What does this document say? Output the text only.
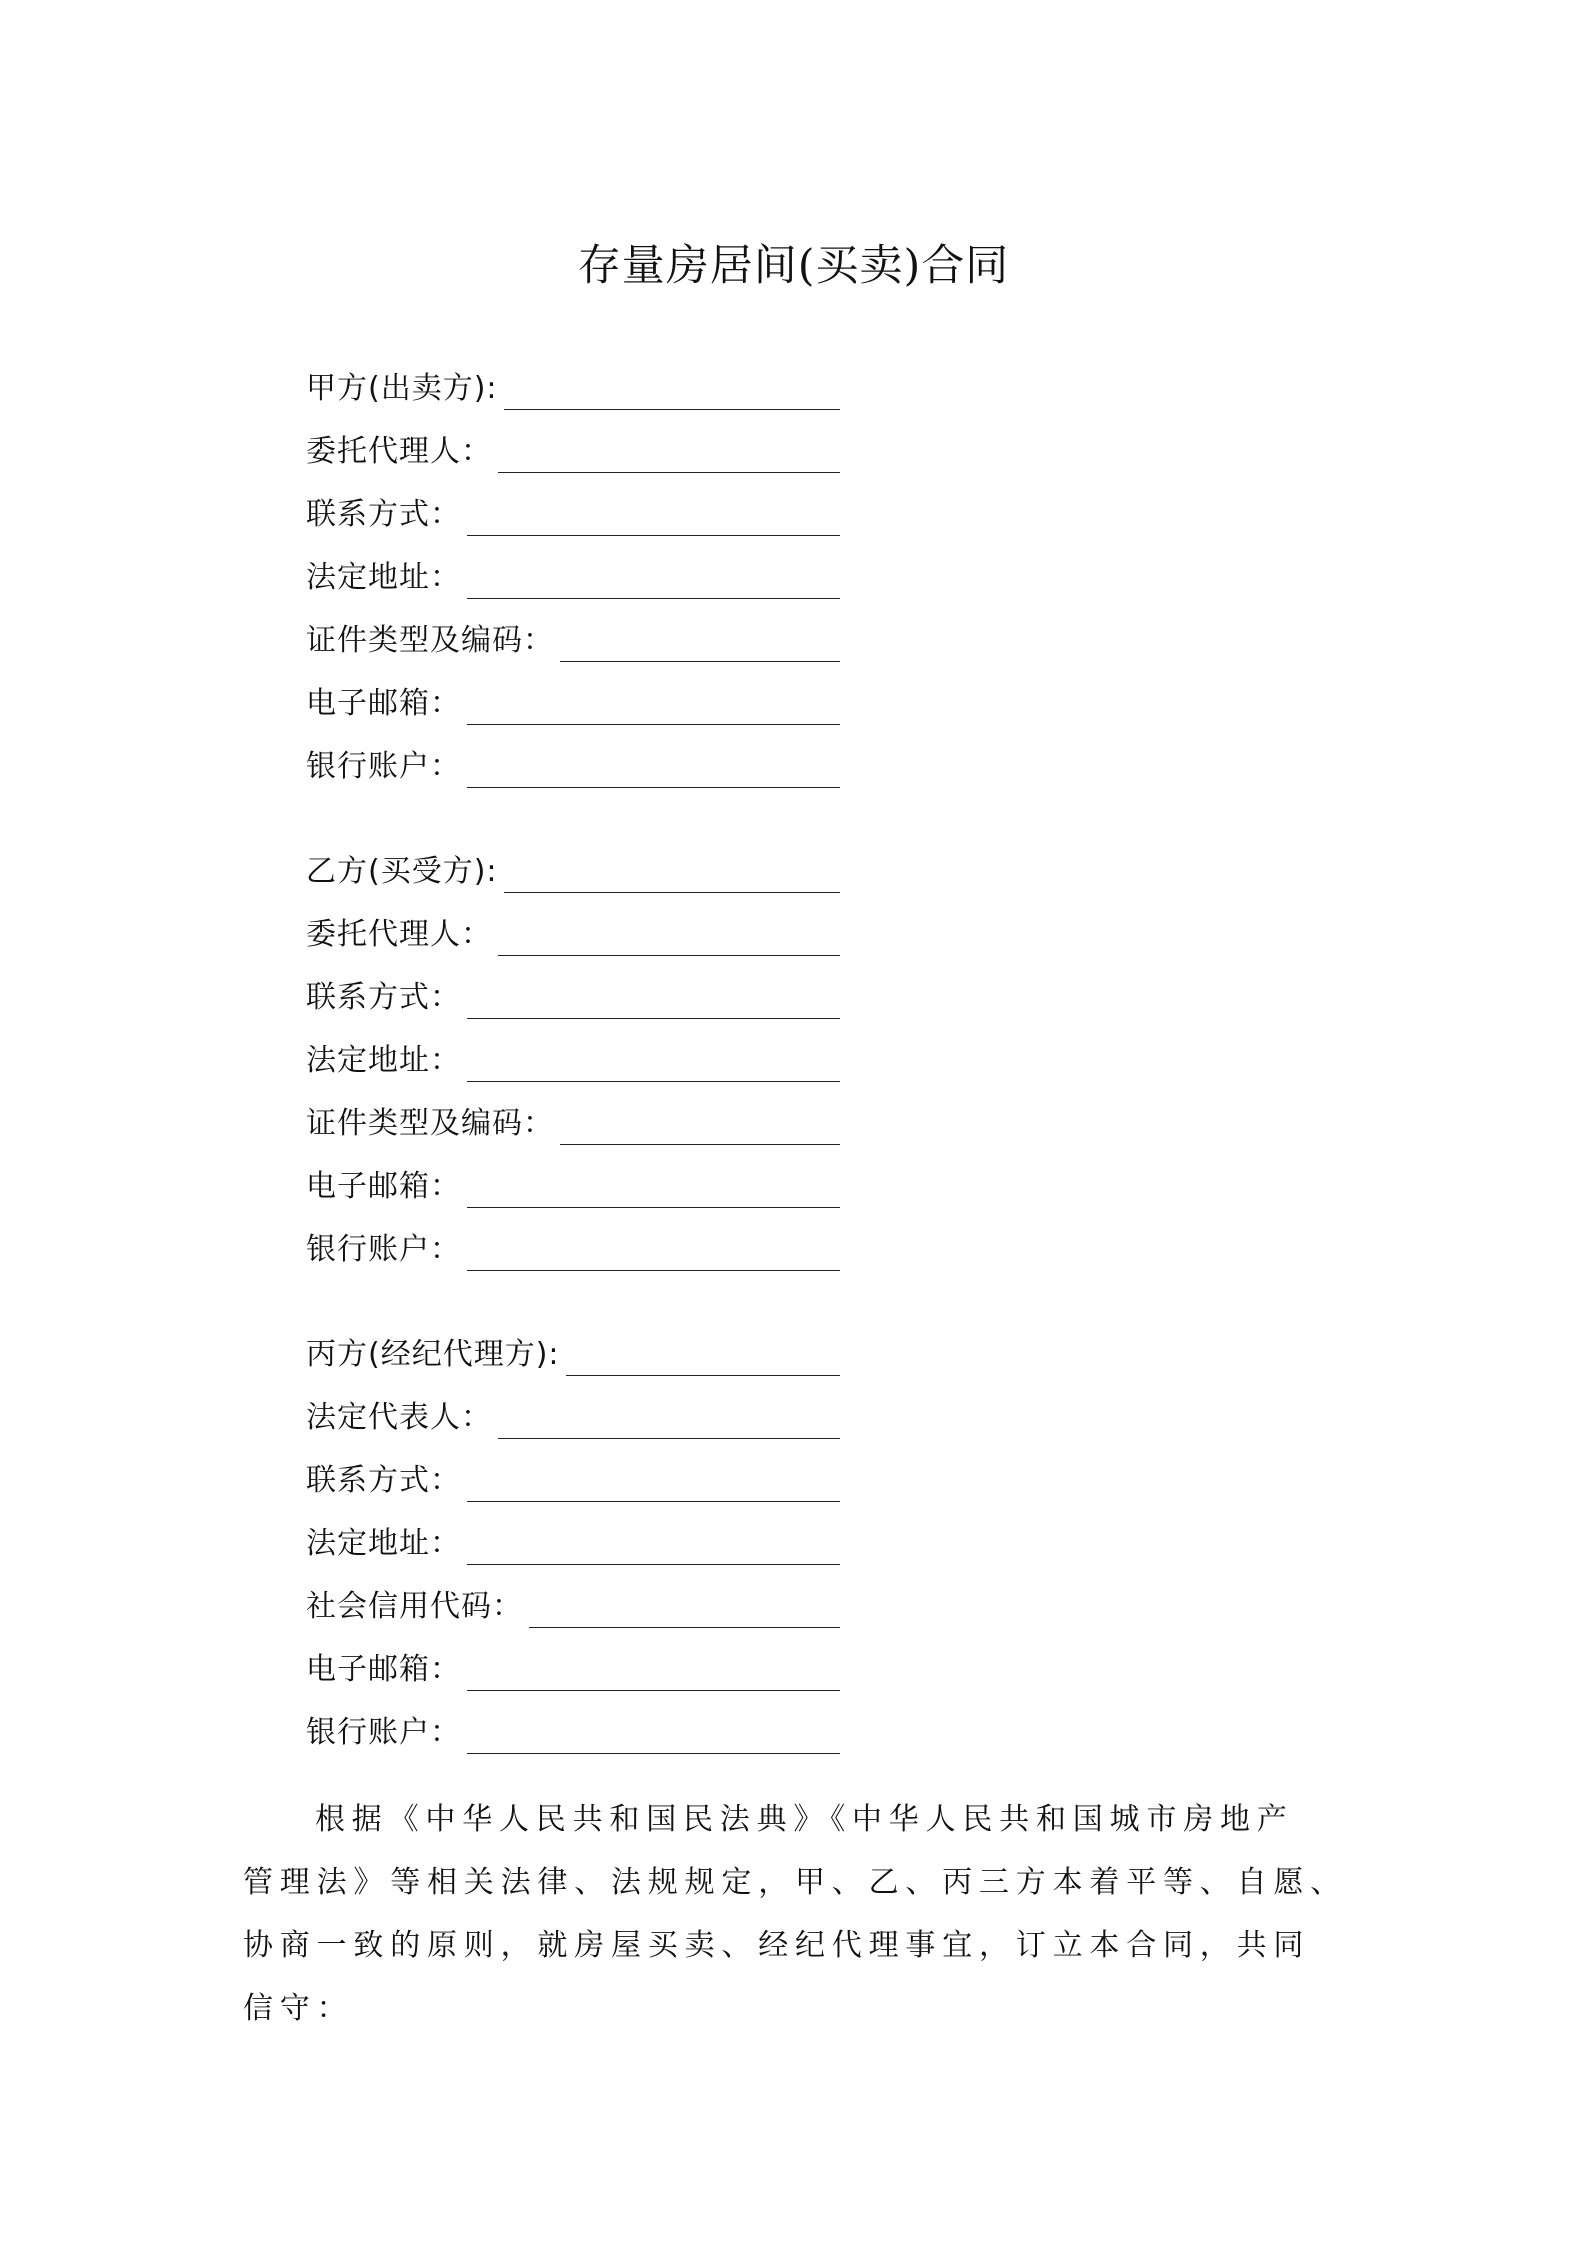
存量房居间(买卖)合同
甲方(出卖方):
委托代理人：
联系方式：
法定地址：
证件类型及编码：
电子邮箱：
银行账户：
乙方(买受方):
委托代理人：
联系方式：
法定地址：
证件类型及编码：
电子邮箱：
银行账户：
丙方(经纪代理方):
法定代表人：
联系方式：
法定地址：
社会信用代码：
电子邮箱：
银行账户：
根据《中华人民共和国民法典》《中华人民共和国城市房地产
管理法》等相关法律、法规规定，甲、乙、丙三方本着平等、自愿、
协商一致的原则，就房屋买卖、经纪代理事宜，订立本合同，共同
信守：
